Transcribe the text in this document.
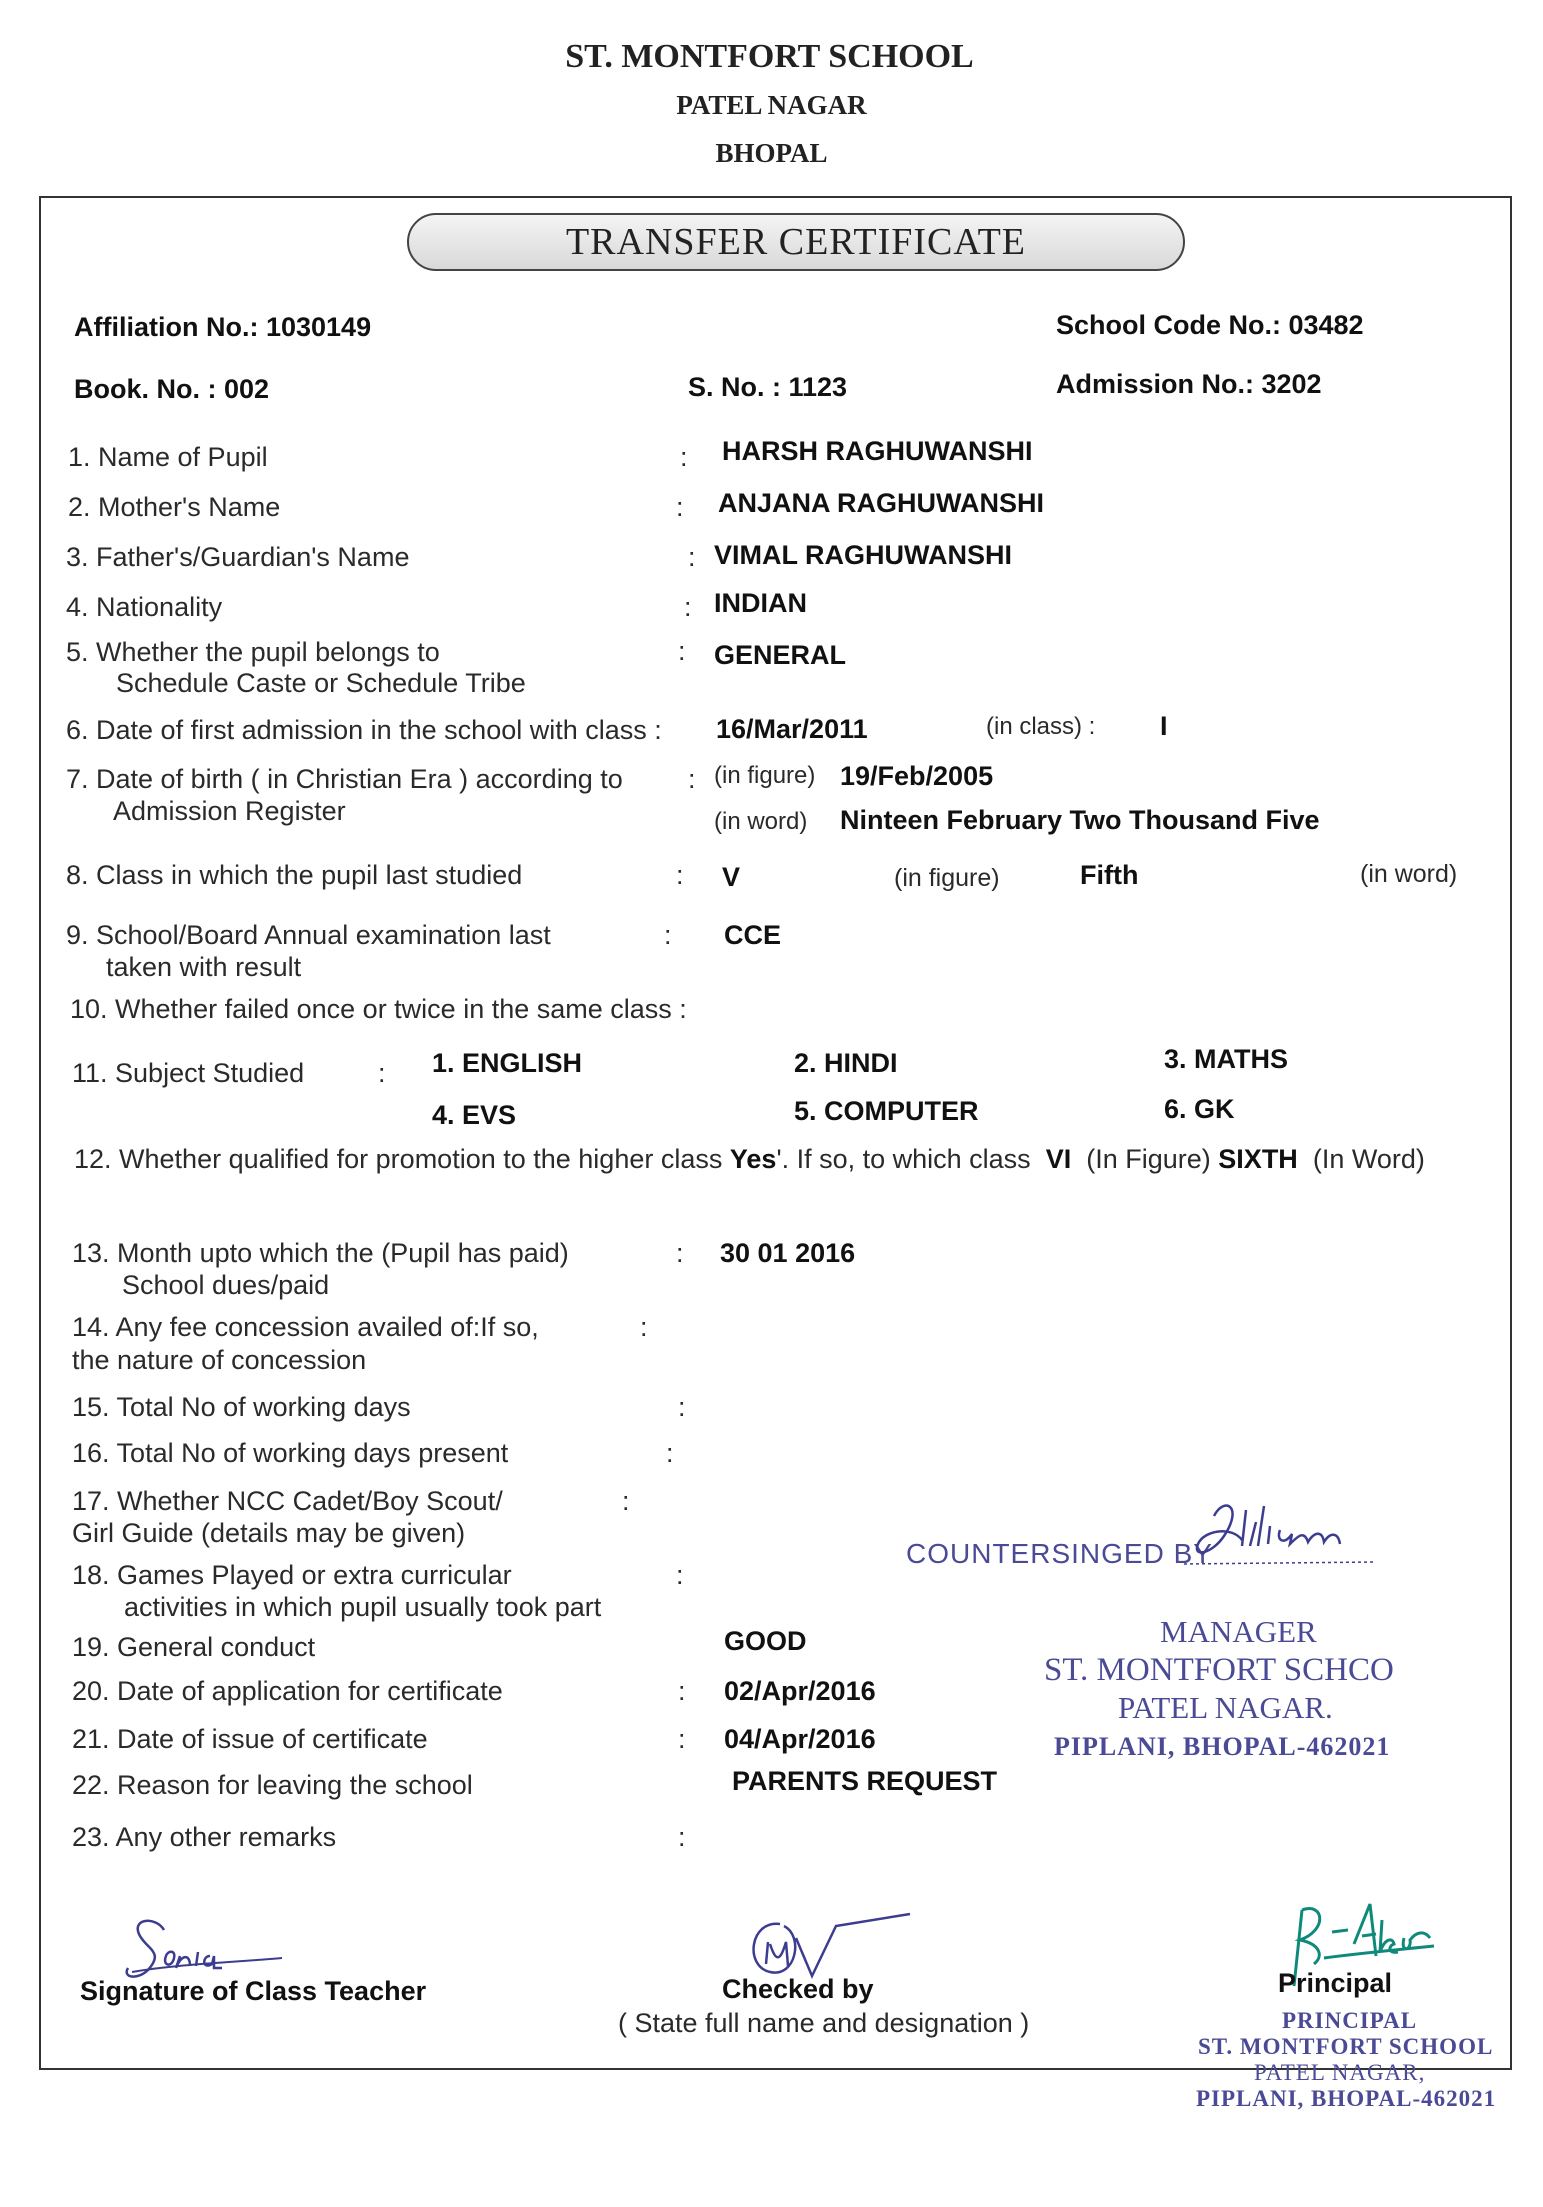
ST. MONTFORT SCHOOL
PATEL NAGAR
BHOPAL
TRANSFER CERTIFICATE
Affiliation No.: 1030149	School Code No.: 03482
Book. No. : 002	S. No. : 1123	Admission No.: 3202
1. Name of Pupil	: HARSH RAGHUWANSHI
2. Mother's Name	: ANJANA RAGHUWANSHI
3. Father's/Guardian's Name	: VIMAL RAGHUWANSHI
4. Nationality	: INDIAN
5. Whether the pupil belongs to
Schedule Caste or Schedule Tribe
: GENERAL
6. Date of first admission in the school with class : 16/Mar/2011	(in class) : I
7. Date of birth ( in Christian Era ) according to
Admission Register
: (in figure) 19/Feb/2005
(in word) Ninteen February Two Thousand Five
8. Class in which the pupil last studied	: V	(in figure)	Fifth	(in word)
9. School/Board Annual examination last
taken with result
: CCE
10. Whether failed once or twice in the same class :
11. Subject Studied	: 1. ENGLISH	2. HINDI	3. MATHS
4. EVS	5. COMPUTER	6. GK
12. Whether qualified for promotion to the higher class Yes'. If so, to which class VI (In Figure) SIXTH (In Word)
13. Month upto which the (Pupil has paid)
School dues/paid
: 30 01 2016
14. Any fee concession availed of:If so,
the nature of concession
:
15. Total No of working days	:
16. Total No of working days present	:
17. Whether NCC Cadet/Boy Scout/
Girl Guide (details may be given)
:
18. Games Played or extra curricular
activities in which pupil usually took part
:
19. General conduct	GOOD
20. Date of application for certificate	: 02/Apr/2016
21. Date of issue of certificate	: 04/Apr/2016
22. Reason for leaving the school	PARENTS REQUEST
23. Any other remarks	:
COUNTERSINGED BY
MANAGER
ST. MONTFORT SCHCO
PATEL NAGAR.
PIPLANI, BHOPAL-462021
Signature of Class Teacher	Checked by
( State full name and designation )
Principal
PRINCIPAL
ST. MONTFORT SCHOOL
PATEL NAGAR,
PIPLANI, BHOPAL-462021
